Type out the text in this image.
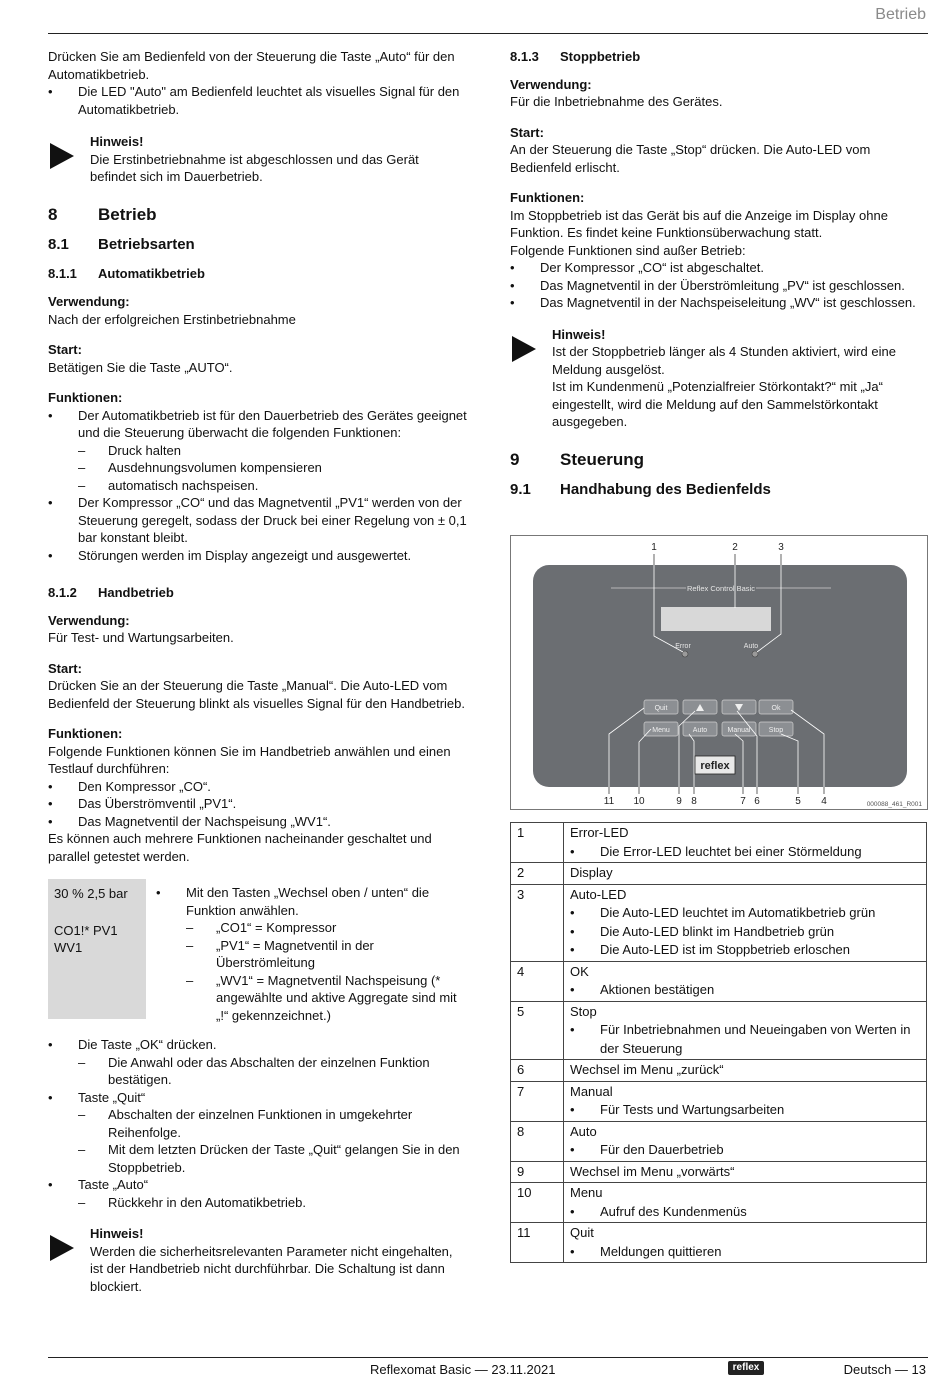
Betrieb

Drücken Sie am Bedienfeld von der Steuerung die Taste „Auto“ für den Automatikbetrieb.

• Die LED "Auto" am Bedienfeld leuchtet als visuelles Signal für den Automatikbetrieb.

Hinweis!

Die Erstinbetriebnahme ist abgeschlossen und das Gerät befindet sich im Dauerbetrieb.

8	Betrieb
8.1	Betriebsarten
8.1.1	Automatikbetrieb

Verwendung:

Nach der erfolgreichen Erstinbetriebnahme

Start:

Betätigen Sie die Taste „AUTO“.

Funktionen:

• Der Automatikbetrieb ist für den Dauerbetrieb des Gerätes geeignet und die Steuerung überwacht die folgenden Funktionen:

– Druck halten

– Ausdehnungsvolumen kompensieren

– automatisch nachspeisen.

• Der Kompressor „CO“ und das Magnetventil „PV1“ werden von der Steuerung geregelt, sodass der Druck bei einer Regelung von ± 0,1 bar konstant bleibt.

• Störungen werden im Display angezeigt und ausgewertet.

8.1.2	Handbetrieb

Verwendung:

Für Test- und Wartungsarbeiten.

Start:

Drücken Sie an der Steuerung die Taste „Manual“. Die Auto-LED vom Bedienfeld der Steuerung blinkt als visuelles Signal für den Handbetrieb.

Funktionen:

Folgende Funktionen können Sie im Handbetrieb anwählen und einen Testlauf durchführen:

• Den Kompressor „CO“.

• Das Überströmventil „PV1“.

• Das Magnetventil der Nachspeisung „WV1“.

Es können auch mehrere Funktionen nacheinander geschaltet und parallel getestet werden.

30 % 2,5 bar

CO1!* PV1

WV1

• Mit den Tasten „Wechsel oben / unten“ die Funktion anwählen.

– „CO1“ = Kompressor

– „PV1“ = Magnetventil in der Überströmleitung

– „WV1“ = Magnetventil Nachspeisung (* angewählte und aktive Aggregate sind mit „!“ gekennzeichnet.)

• Die Taste „OK“ drücken.

– Die Anwahl oder das Abschalten der einzelnen Funktion bestätigen.

• Taste „Quit“

– Abschalten der einzelnen Funktionen in umgekehrter Reihenfolge.

– Mit dem letzten Drücken der Taste „Quit“ gelangen Sie in den Stoppbetrieb.

• Taste „Auto“

– Rückkehr in den Automatikbetrieb.

Hinweis!

Werden die sicherheitsrelevanten Parameter nicht eingehalten, ist der Handbetrieb nicht durchführbar. Die Schaltung ist dann blockiert.

8.1.3	Stoppbetrieb

Verwendung:

Für die Inbetriebnahme des Gerätes.

Start:

An der Steuerung die Taste „Stop“ drücken. Die Auto-LED vom Bedienfeld erlischt.

Funktionen:

Im Stoppbetrieb ist das Gerät bis auf die Anzeige im Display ohne Funktion. Es findet keine Funktionsüberwachung statt.

Folgende Funktionen sind außer Betrieb:

• Der Kompressor „CO“ ist abgeschaltet.

• Das Magnetventil in der Überströmleitung „PV“ ist geschlossen.

• Das Magnetventil in der Nachspeiseleitung „WV“ ist geschlossen.

Hinweis!

Ist der Stoppbetrieb länger als 4 Stunden aktiviert, wird eine Meldung ausgelöst.

Ist im Kundenmenü „Potenzialfreier Störkontakt?“ mit „Ja“ eingestellt, wird die Meldung auf den Sammelstörkontakt ausgegeben.

9	Steuerung
9.1	Handhabung des Bedienfelds
Reflex Control Basic
Error	Auto
Quit	Ok
Menu	Auto	Manual	Stop
reflex
1	2	3
11 10	9 8	7 6	5 4	000088_461_R001
1	Error-LED
• Die Error-LED leuchtet bei einer Störmeldung

2	Display

3	Auto-LED
• Die Auto-LED leuchtet im Automatikbetrieb grün
• Die Auto-LED blinkt im Handbetrieb grün
• Die Auto-LED ist im Stoppbetrieb erloschen

4	OK
• Aktionen bestätigen

5	Stop
• Für Inbetriebnahmen und Neueingaben von Werten in der Steuerung

6	Wechsel im Menu „zurück“

7	Manual
• Für Tests und Wartungsarbeiten

8	Auto
• Für den Dauerbetrieb

9	Wechsel im Menu „vorwärts“

10	Menu
• Aufruf des Kundenmenüs

11	Quit
• Meldungen quittieren
Reflexomat Basic — 23.11.2021	reflex	Deutsch — 13
